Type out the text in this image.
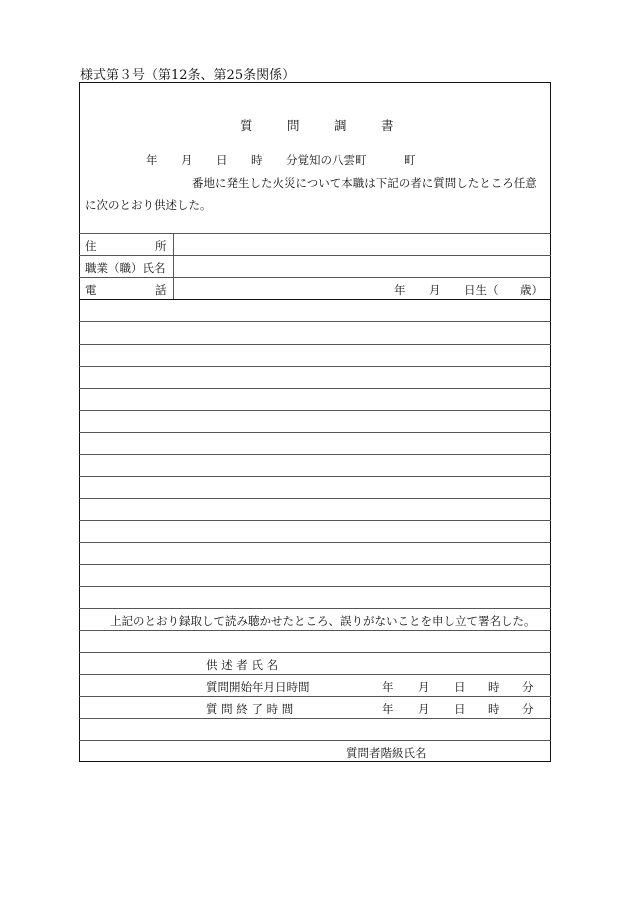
様式第３号（第12条、第25条関係）
質	問	調	書
年 月 日 時 分覚知の八雲町	町
番地に発生した火災について本職は下記の者に質問したところ任意
に次のとおり供述した。
住	所
職業（職）氏名
電	話	年 月 日生（ 歳）
上記のとおり録取して読み聴かせたところ、誤りがないことを申し立て署名した。
供 述 者 氏 名
質問開始年月日時間	年 月 日 時 分
質 問 終 了 時 間	年 月 日 時 分
質問者階級氏名
